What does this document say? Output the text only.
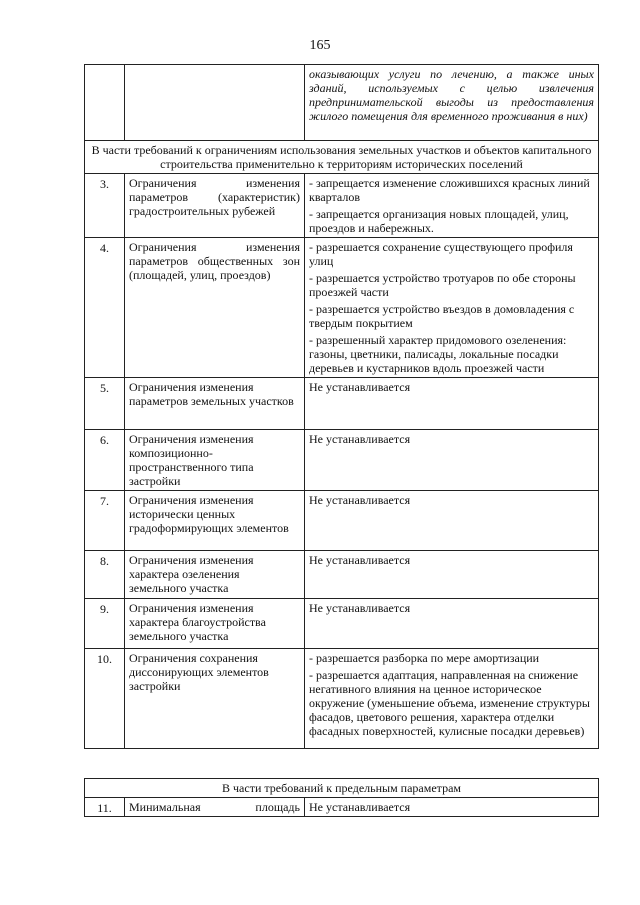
165
		оказывающих услуги по лечению, а также иных зданий, используемых с целью извлечения предпринимательской выгоды из предоставления жилого помещения для временного проживания в них)
В части требований к ограничениям использования земельных участков и объектов капитального строительства применительно к территориям исторических поселений		
3.	Ограничения изменения параметров (характеристик) градостроительных рубежей	- запрещается изменение сложившихся красных линий кварталов

- запрещается организация новых площадей, улиц, проездов и набережных.

4.	Ограничения изменения параметров общественных зон (площадей, улиц, проездов)	- разрешается сохранение существующего профиля улиц

- разрешается устройство тротуаров по обе стороны проезжей части

- разрешается устройство въездов в домовладения с твердым покрытием

- разрешенный характер придомового озеленения: газоны, цветники, палисады, локальные посадки деревьев и кустарников вдоль проезжей части

5.	Ограничения изменения параметров земельных участков	Не устанавливается

6.	Ограничения изменения композиционно-пространственного типа застройки	Не устанавливается

7.	Ограничения изменения исторически ценных градоформирующих элементов	Не устанавливается

8.	Ограничения изменения характера озеленения земельного участка	Не устанавливается

9.	Ограничения изменения характера благоустройства земельного участка	Не устанавливается

10.	Ограничения сохранения диссонирующих элементов застройки	- разрешается разборка по мере амортизации

- разрешается адаптация, направленная на снижение негативного влияния на ценное историческое окружение (уменьшение объема, изменение структуры фасадов, цветового решения, характера отделки фасадных поверхностей, кулисные посадки деревьев)

В части требований к предельным параметрам
11.	Минимальная площадь	Не устанавливается
